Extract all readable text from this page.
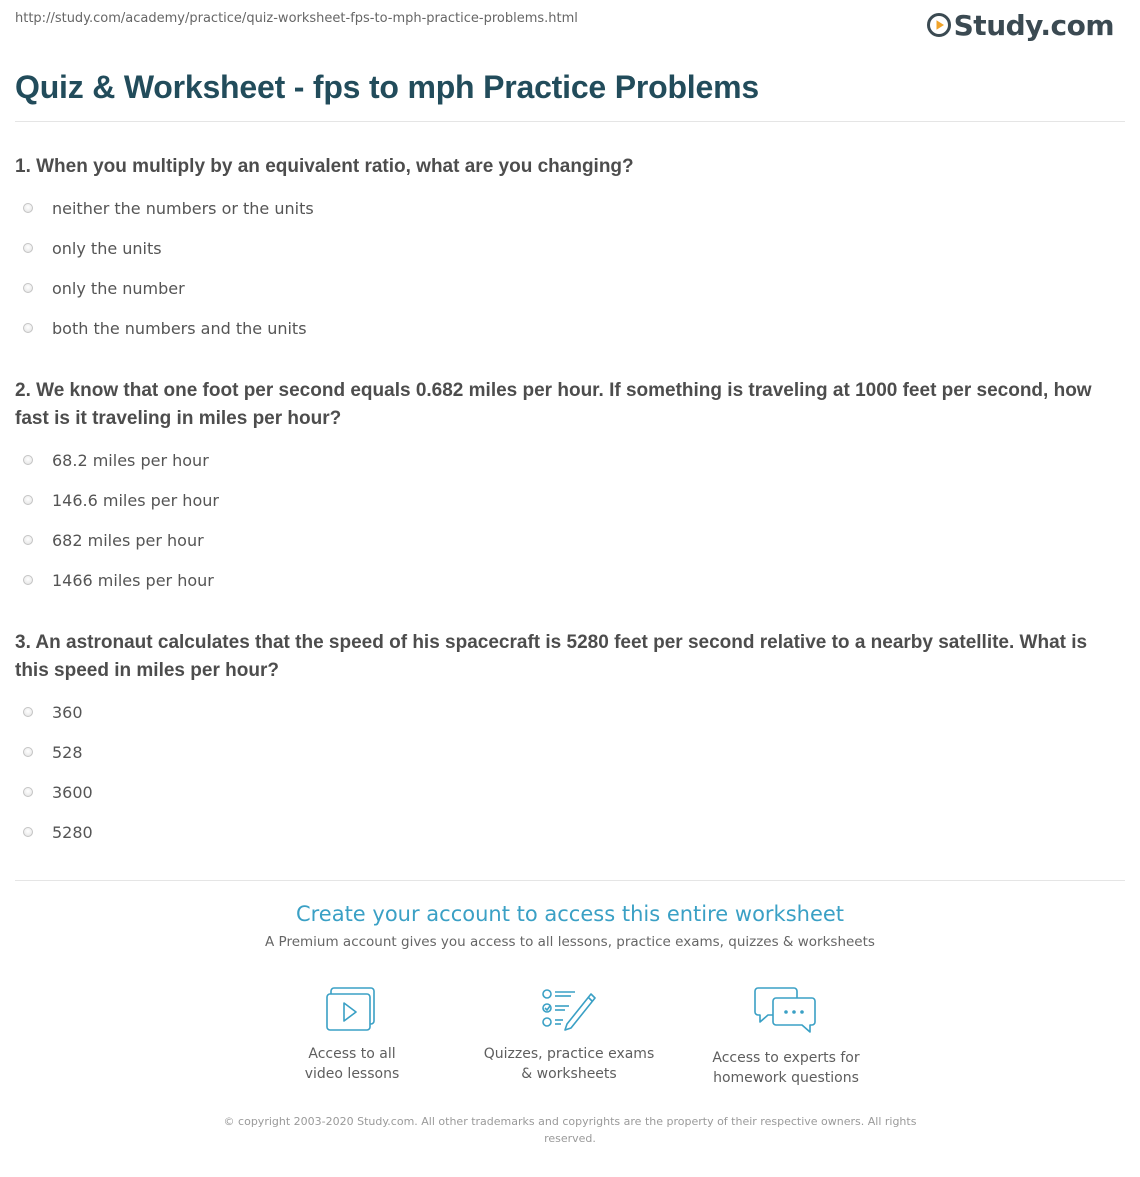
http://study.com/academy/practice/quiz-worksheet-fps-to-mph-practice-problems.html	Study.com
Quiz & Worksheet - fps to mph Practice Problems

1. When you multiply by an equivalent ratio, what are you changing?

neither the numbers or the units
only the units
only the number
both the numbers and the units

2. We know that one foot per second equals 0.682 miles per hour. If something is traveling at 1000 feet per second, how fast is it traveling in miles per hour?

68.2 miles per hour
146.6 miles per hour
682 miles per hour
1466 miles per hour

3. An astronaut calculates that the speed of his spacecraft is 5280 feet per second relative to a nearby satellite. What is this speed in miles per hour?

360
528
3600
5280
Create your account to access this entire worksheet
A Premium account gives you access to all lessons, practice exams, quizzes & worksheets
Access to all
video lessons
Quizzes, practice exams
& worksheets
Access to experts for
homework questions
© copyright 2003-2020 Study.com. All other trademarks and copyrights are the property of their respective owners. All rights reserved.
